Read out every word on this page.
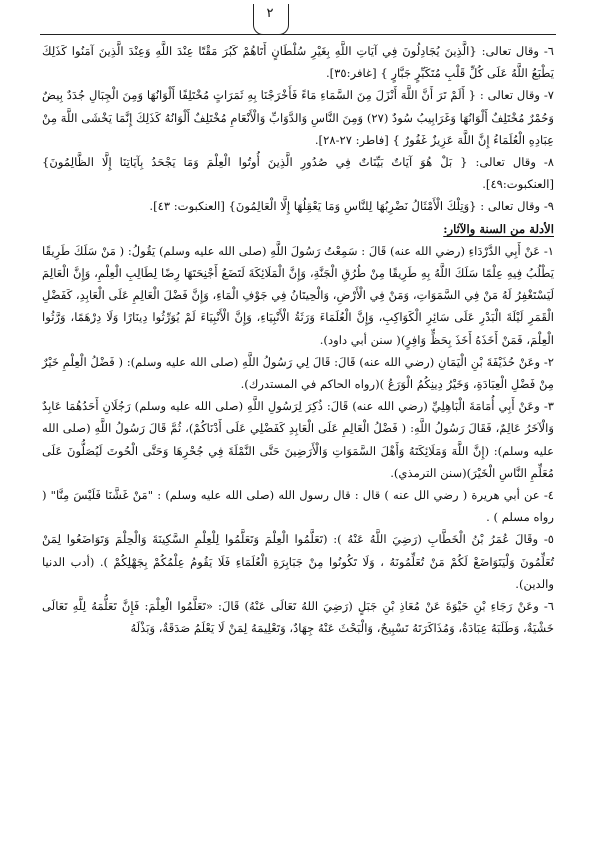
٢

٦- وقال تعالى: {الَّذِينَ يُجَادِلُونَ فِي آيَاتِ اللَّهِ بِغَيْرِ سُلْطَانٍ أَتَاهُمْ كَبُرَ مَقْتًا عِنْدَ اللَّهِ وَعِنْدَ الَّذِينَ آمَنُوا كَذَلِكَ يَطْبَعُ اللَّهُ عَلَى كُلِّ قَلْبِ مُتَكَبِّرٍ جَبَّارٍ } [غافر:٣٥].

٧- وقال تعالى : { أَلَمْ تَرَ أَنَّ اللَّهَ أَنْزَلَ مِنَ السَّمَاءِ مَاءً فَأَخْرَجْنَا بِهِ ثَمَرَاتٍ مُخْتَلِفًا أَلْوَانُهَا وَمِنَ الْجِبَالِ جُدَدٌ بِيضٌ وَحُمْرٌ مُخْتَلِفٌ أَلْوَانُهَا وَغَرَابِيبُ سُودٌ (٢٧) وَمِنَ النَّاسِ وَالدَّوَابِّ وَالْأَنْعَامِ مُخْتَلِفٌ أَلْوَانُهُ كَذَلِكَ إِنَّمَا يَخْشَى اللَّهَ مِنْ عِبَادِهِ الْعُلَمَاءُ إِنَّ اللَّهَ عَزِيزٌ غَفُورٌ } [فاطر: ٢٧-٢٨].

٨- وقال تعالى: { بَلْ هُوَ آيَاتٌ بَيِّنَاتٌ فِي صُدُورِ الَّذِينَ أُوتُوا الْعِلْمَ وَمَا يَجْحَدُ بِآيَاتِنَا إِلَّا الظَّالِمُونَ} [العنكبوت:٤٩].

٩- وقال تعالى : {وَتِلْكَ الْأَمْثَالُ نَضْرِبُهَا لِلنَّاسِ وَمَا يَعْقِلُهَا إِلَّا الْعَالِمُونَ} [العنكبوت: ٤٣].

الأدلة من السنة والآثار:

١- عَنْ أَبِي الدَّرْدَاءِ (رضي الله عنه) قَالَ : سَمِعْتُ رَسُولَ اللَّهِ (صلى الله عليه وسلم) يَقُولُ: ( مَنْ سَلَكَ طَرِيقًا يَطْلُبُ فِيهِ عِلْمًا سَلَكَ اللَّهُ بِهِ طَرِيقًا مِنْ طُرُقِ الْجَنَّةِ، وَإِنَّ الْمَلَائِكَةَ لَتَضَعُ أَجْنِحَتَهَا رِضًا لِطَالِبِ الْعِلْمِ، وَإِنَّ الْعَالِمَ لَيَسْتَغْفِرُ لَهُ مَنْ فِي السَّمَوَاتِ، وَمَنْ فِي الْأَرْضِ، وَالْحِيتَانُ فِي جَوْفِ الْمَاءِ، وَإِنَّ فَضْلَ الْعَالِمِ عَلَى الْعَابِدِ، كَفَضْلِ الْقَمَرِ لَيْلَةَ الْبَدْرِ عَلَى سَائِرِ الْكَوَاكِبِ، وَإِنَّ الْعُلَمَاءَ وَرَثَةُ الْأَنْبِيَاءِ، وَإِنَّ الْأَنْبِيَاءَ لَمْ يُوَرِّثُوا دِينَارًا وَلَا دِرْهَمًا، وَرَّثُوا الْعِلْمَ، فَمَنْ أَخَذَهُ أَخَذَ بِحَظٍّ وَافِرٍ)( سنن أبي داود).

٢- وعَنْ حُذَيْفَةَ بْنِ الْيَمَانِ (رضي الله عنه) قَالَ: قَالَ لِي رَسُولُ اللَّهِ (صلى الله عليه وسلم): ( فَضْلُ الْعِلْمِ خَيْرٌ مِنْ فَضْلِ الْعِبَادَةِ، وَخَيْرُ دِينِكُمُ الْوَرَعُ )(رواه الحاكم في المستدرك).

٣- وعَنْ أَبِي أُمَامَةَ الْبَاهِلِيِّ (رضي الله عنه) قَالَ: ذُكِرَ لِرَسُولِ اللَّهِ (صلى الله عليه وسلم) رَجُلَانِ أَحَدُهُمَا عَابِدٌ وَالْآخَرُ عَالِمٌ، فَقَالَ رَسُولُ اللَّهِ: ( فَضْلُ الْعَالِمِ عَلَى الْعَابِدِ كَفَضْلِي عَلَى أَدْنَاكُمْ)، ثُمَّ قَالَ رَسُولُ اللَّهِ (صلى الله عليه وسلم): (إِنَّ اللَّهَ وَمَلَائِكَتَهُ وَأَهْلَ السَّمَوَاتِ وَالْأَرَضِينَ حَتَّى النَّمْلَةَ فِي جُحْرِهَا وَحَتَّى الْحُوتَ لَيُصَلُّونَ عَلَى مُعَلِّمِ النَّاسِ الْخَيْرَ)(سنن الترمذي).

٤- عن أبي هريرة ( رضي الل عنه ) قال : قال رسول الله (صلى الله عليه وسلم) : "مَنْ غَشَّنَا فَلَيْسَ مِنَّا" ( رواه مسلم ) .

٥- وقَالَ عُمَرُ بْنُ الْخَطَّابِ (رَضِيَ اللَّهُ عَنْهُ ): (تَعَلَّمُوا الْعِلْمَ وَتَعَلَّمُوا لِلْعِلْمِ السَّكِينَةَ وَالْحِلْمَ وَتَوَاضَعُوا لِمَنْ تُعَلِّمُونَ وَلْيَتَوَاضَعْ لَكُمْ مَنْ تُعَلِّمُونَهُ ، وَلَا تَكُونُوا مِنْ جَبَابِرَةِ الْعُلَمَاءِ فَلَا يَقُومُ عِلْمُكُمْ بِجَهْلِكُمْ ). (أدب الدنيا والدين).

٦- وعَنْ رَجَاءِ بْنِ حَيْوَةَ عَنْ مُعَاذِ بْنِ جَبَلٍ (رَضِيَ اللهُ تَعَالَى عَنْهُ) قَالَ: «تَعَلَّمُوا الْعِلْمَ: فَإِنَّ تَعَلُّمَهُ لِلَّهِ تَعَالَى خَشْيَةٌ، وَطَلَبَهُ عِبَادَةٌ، وَمُذَاكَرَتَهُ تَسْبِيحٌ، وَالْبَحْثَ عَنْهُ جِهَادٌ، وَتَعْلِيمَهُ لِمَنْ لَا يَعْلَمُ صَدَقَةٌ، وَبَذْلَهُ
